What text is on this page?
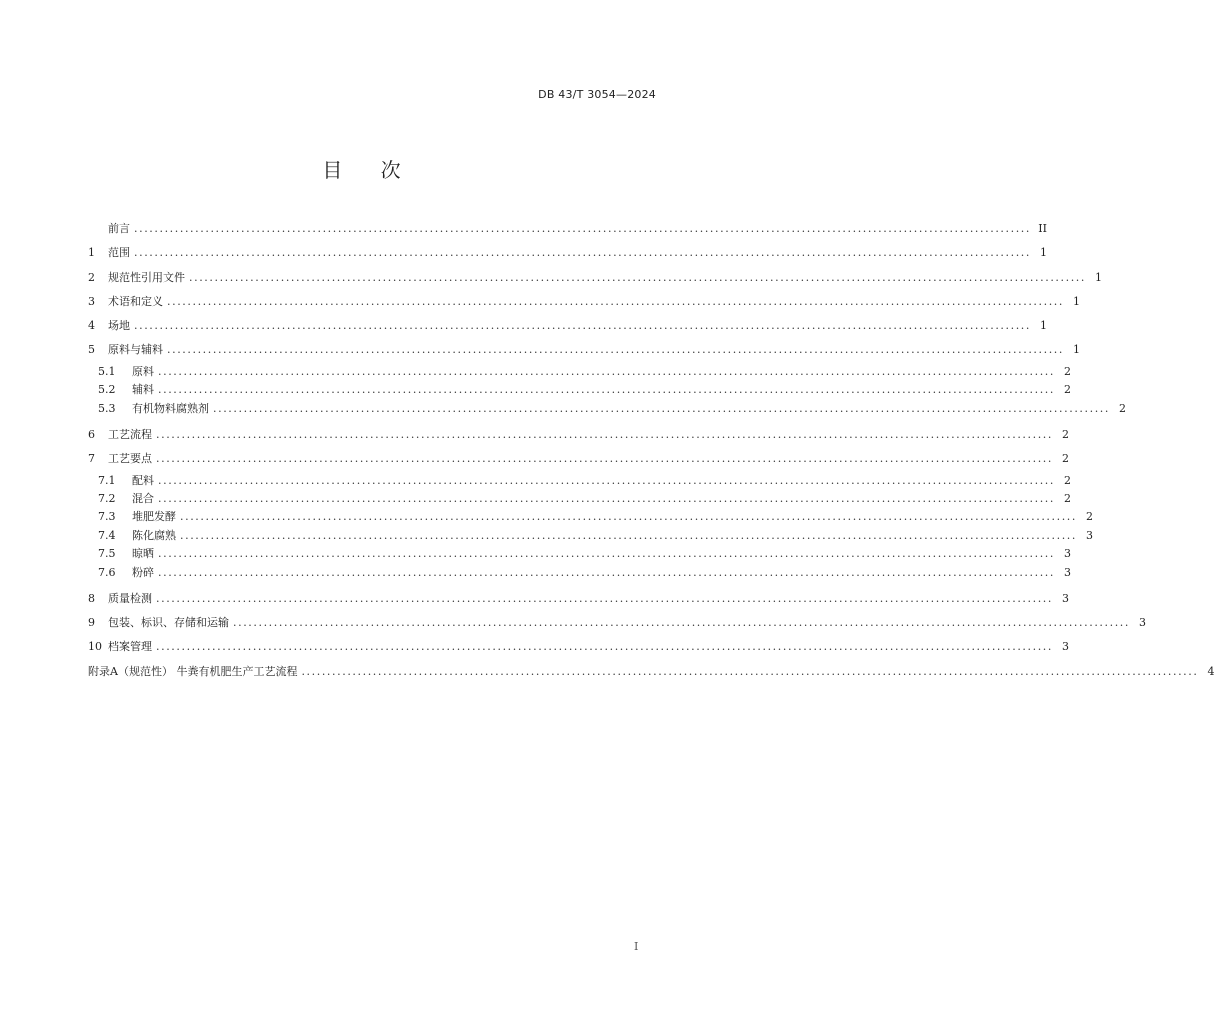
DB 43/T 3054—2024
目 次
前言 ................................................................................................................................................................................ II
1	范围 ................................................................................................................................................................................ 1
2	规范性引用文件 ................................................................................................................................................................................ 1
3	术语和定义 ................................................................................................................................................................................ 1
4	场地 ................................................................................................................................................................................ 1
5	原料与辅料 ................................................................................................................................................................................ 1
5.1	原料 ................................................................................................................................................................................ 2
5.2	辅料 ................................................................................................................................................................................ 2
5.3	有机物料腐熟剂 ................................................................................................................................................................................ 2
6	工艺流程 ................................................................................................................................................................................ 2
7	工艺要点 ................................................................................................................................................................................ 2
7.1	配料 ................................................................................................................................................................................ 2
7.2	混合 ................................................................................................................................................................................ 2
7.3	堆肥发酵 ................................................................................................................................................................................ 2
7.4	陈化腐熟 ................................................................................................................................................................................ 3
7.5	晾晒 ................................................................................................................................................................................ 3
7.6	粉碎 ................................................................................................................................................................................ 3
8	质量检测 ................................................................................................................................................................................ 3
9	包装、标识、存储和运输 ................................................................................................................................................................................ 3
10 档案管理 ................................................................................................................................................................................ 3
附录A（规范性） 牛粪有机肥生产工艺流程 ................................................................................................................................................................................ 4
I
